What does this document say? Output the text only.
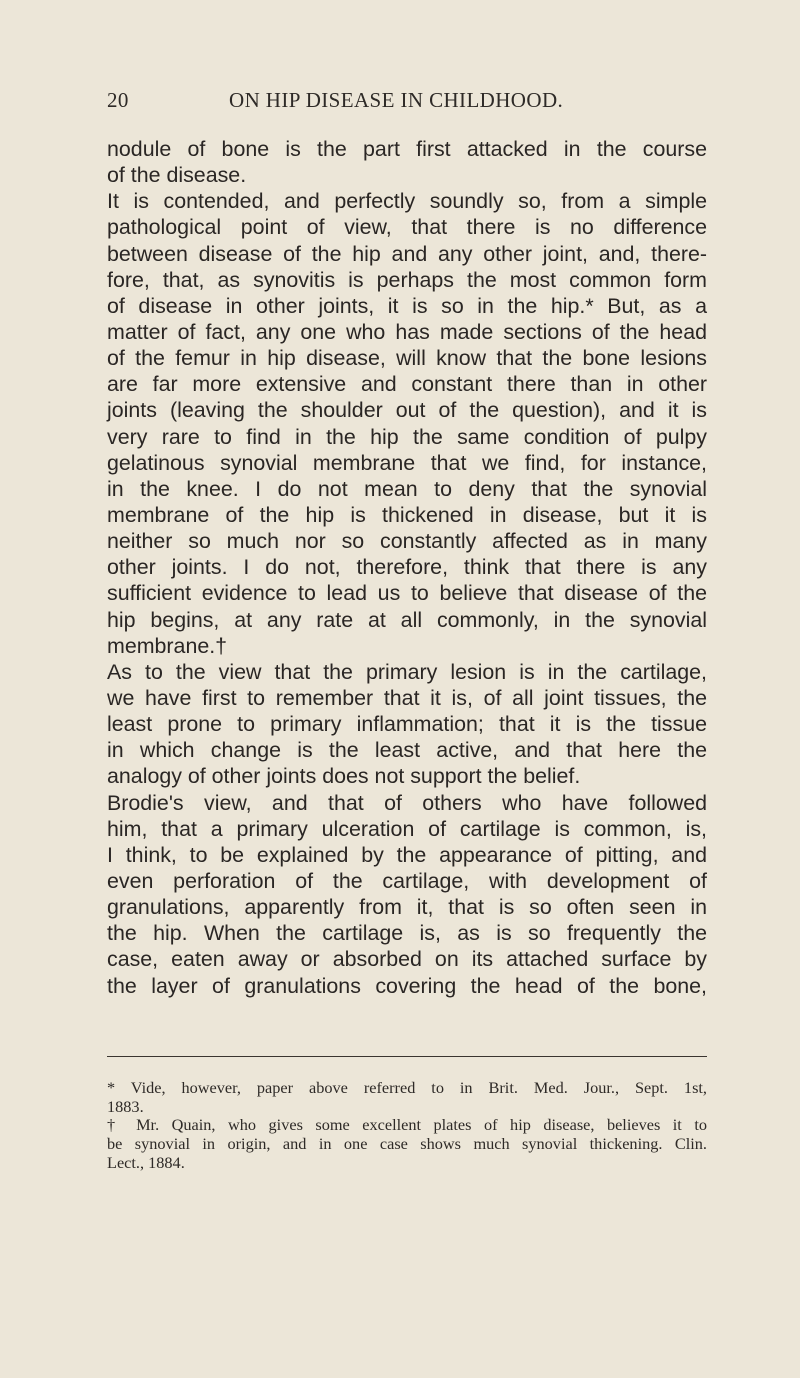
20	ON HIP DISEASE IN CHILDHOOD.
nodule of bone is the part first attacked in the course
of the disease.
It is contended, and perfectly soundly so, from a simple
pathological point of view, that there is no difference
between disease of the hip and any other joint, and, there-
fore, that, as synovitis is perhaps the most common form
of disease in other joints, it is so in the hip.* But, as a
matter of fact, any one who has made sections of the head
of the femur in hip disease, will know that the bone lesions
are far more extensive and constant there than in other
joints (leaving the shoulder out of the question), and it is
very rare to find in the hip the same condition of pulpy
gelatinous synovial membrane that we find, for instance,
in the knee. I do not mean to deny that the synovial
membrane of the hip is thickened in disease, but it is
neither so much nor so constantly affected as in many
other joints. I do not, therefore, think that there is any
sufficient evidence to lead us to believe that disease of the
hip begins, at any rate at all commonly, in the synovial
membrane.†
As to the view that the primary lesion is in the cartilage,
we have first to remember that it is, of all joint tissues, the
least prone to primary inflammation; that it is the tissue
in which change is the least active, and that here the
analogy of other joints does not support the belief.
Brodie's view, and that of others who have followed
him, that a primary ulceration of cartilage is common, is,
I think, to be explained by the appearance of pitting, and
even perforation of the cartilage, with development of
granulations, apparently from it, that is so often seen in
the hip. When the cartilage is, as is so frequently the
case, eaten away or absorbed on its attached surface by
the layer of granulations covering the head of the bone,
* Vide, however, paper above referred to in Brit. Med. Jour., Sept. 1st,
1883.
† Mr. Quain, who gives some excellent plates of hip disease, believes it to
be synovial in origin, and in one case shows much synovial thickening. Clin.
Lect., 1884.
